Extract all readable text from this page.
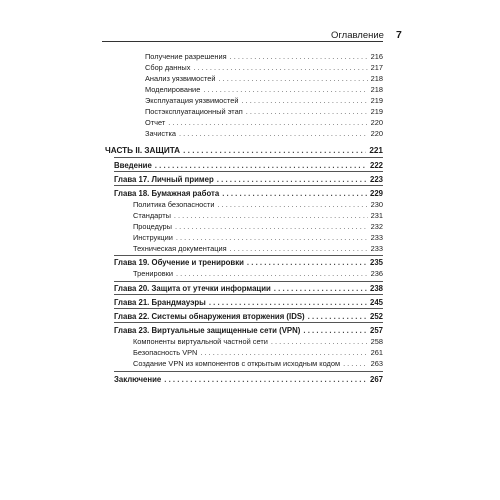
Оглавление 7
Получение разрешения . . .	216
Сбор данных . . .	217
Анализ уязвимостей . . .	218
Моделирование . . .	218
Эксплуатация уязвимостей . . .	219
Постэксплуатационный этап . . .	219
Отчет . . .	220
Зачистка . . .	220
ЧАСТЬ II. ЗАЩИТА . . .	221
Введение . . .	222
Глава 17. Личный пример . . .	223
Глава 18. Бумажная работа . . .	229
Политика безопасности . . .	230
Стандарты . . .	231
Процедуры . . .	232
Инструкции . . .	233
Техническая документация . . .	233
Глава 19. Обучение и тренировки . . .	235
Тренировки . . .	236
Глава 20. Защита от утечки информации . . .	238
Глава 21. Брандмауэры . . .	245
Глава 22. Системы обнаружения вторжения (IDS) . . .	252
Глава 23. Виртуальные защищенные сети (VPN) . . .	257
Компоненты виртуальной частной сети . . .	258
Безопасность VPN . . .	261
Создание VPN из компонентов с открытым исходным кодом . . .	263
Заключение . . .	267
